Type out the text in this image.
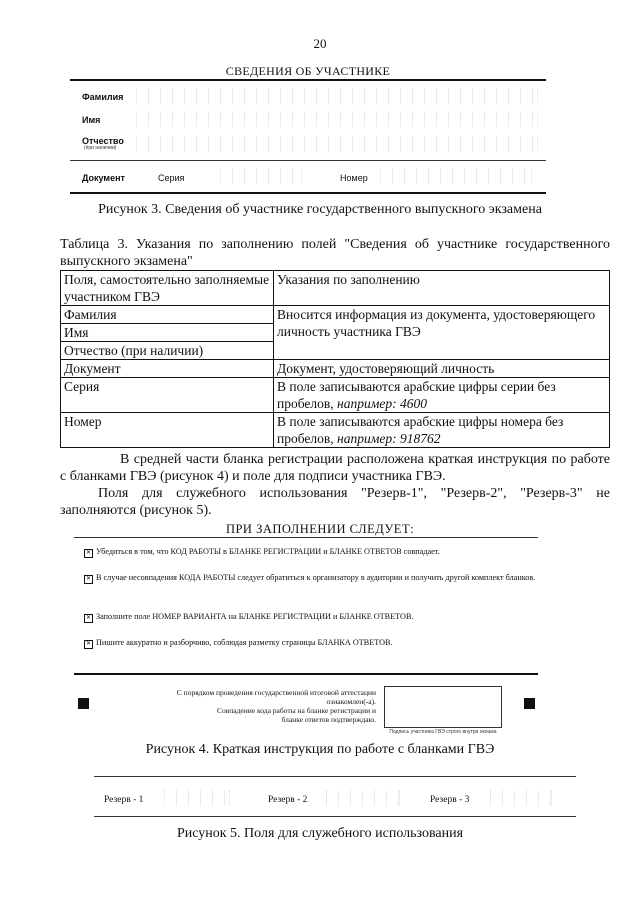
20
СВЕДЕНИЯ ОБ УЧАСТНИКЕ
Фамилия
Имя
Отчество
(при наличии)
Документ	Серия	Номер
Рисунок 3. Сведения об участнике государственного выпускного экзамена
Таблица 3. Указания по заполнению полей "Сведения об участнике государственного выпускного экзамена"
Поля, самостоятельно заполняемые участником ГВЭ	Указания по заполнению
Фамилия	Вносится информация из документа, удостоверяющего личность участника ГВЭ
Имя	
Отчество (при наличии)	
Документ	Документ, удостоверяющий личность
Серия	В поле записываются арабские цифры серии без пробелов, например: 4600
Номер	В поле записываются арабские цифры номера без пробелов, например: 918762
В средней части бланка регистрации расположена краткая инструкция по работе с бланками ГВЭ (рисунок 4) и поле для подписи участника ГВЭ.
Поля для служебного использования "Резерв-1", "Резерв-2", "Резерв-3" не заполняются (рисунок 5).
ПРИ ЗАПОЛНЕНИИ СЛЕДУЕТ:
✕ Убедиться в том, что КОД РАБОТЫ в БЛАНКЕ РЕГИСТРАЦИИ и БЛАНКЕ ОТВЕТОВ совпадает.
✕ В случае несовпадения КОДА РАБОТЫ следует обратиться к организатору в аудитории и получить другой комплект бланков.
✕ Заполните поле НОМЕР ВАРИАНТА на БЛАНКЕ РЕГИСТРАЦИИ и БЛАНКЕ ОТВЕТОВ.
✕ Пишите аккуратно и разборчиво, соблюдая разметку страницы БЛАНКА ОТВЕТОВ.
С порядком проведения государственной итоговой аттестации
ознакомлен(-а).
Совпадение кода работы на бланке регистрации и
бланке ответов подтверждаю.
Подпись участника ГВЭ строго внутри окошка
Рисунок 4. Краткая инструкция по работе с бланками ГВЭ
Резерв - 1	Резерв - 2	Резерв - 3
Рисунок 5. Поля для служебного использования
